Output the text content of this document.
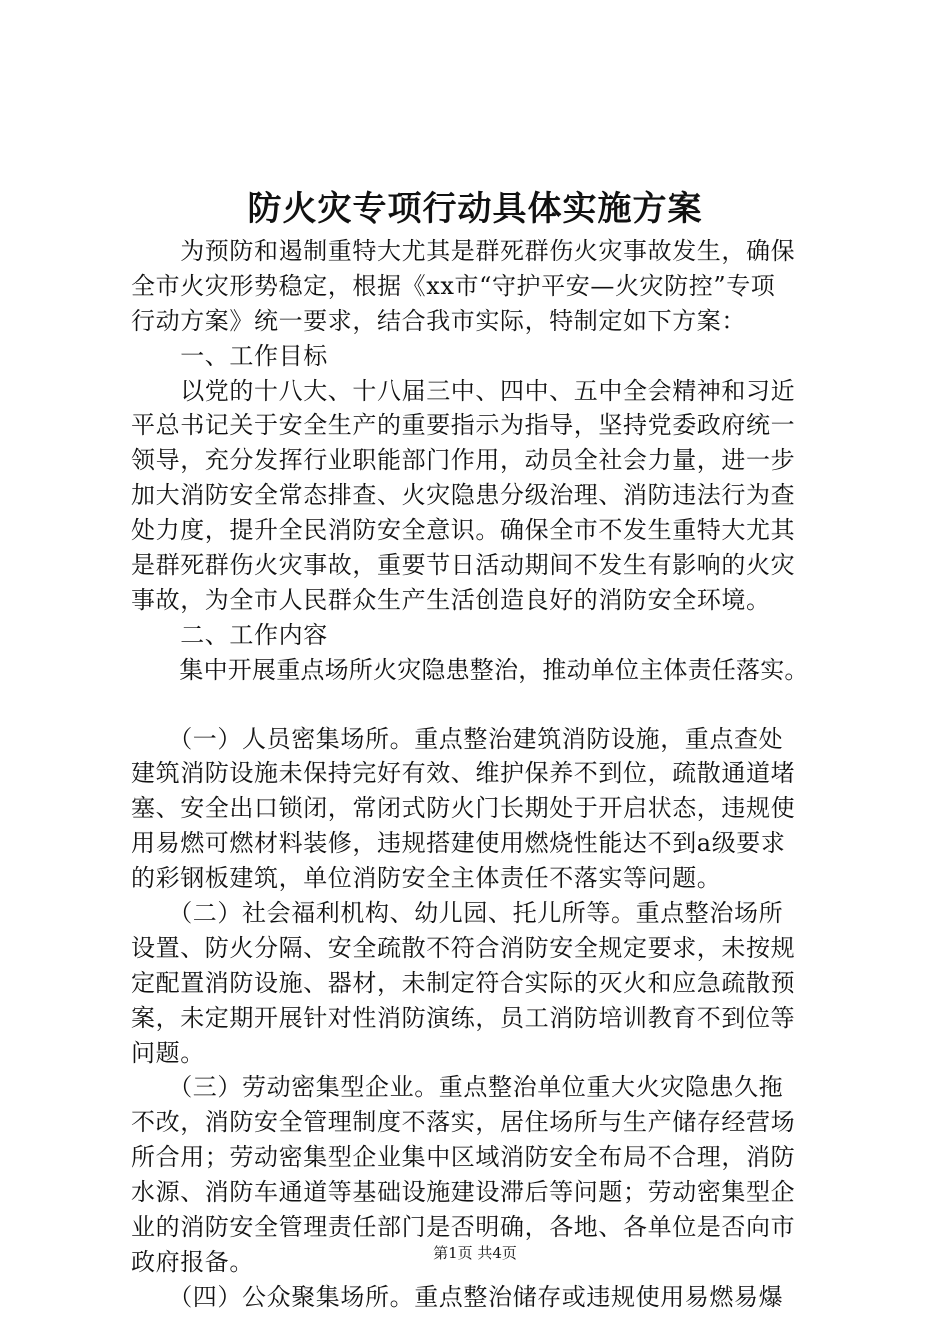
防火灾专项行动具体实施方案
　　为预防和遏制重特大尤其是群死群伤火灾事故发生，确保
全市火灾形势稳定，根据《xx市“守护平安—火灾防控”专项
行动方案》统一要求，结合我市实际，特制定如下方案：
　　一、工作目标
　　以党的十八大、十八届三中、四中、五中全会精神和习近
平总书记关于安全生产的重要指示为指导，坚持党委政府统一
领导，充分发挥行业职能部门作用，动员全社会力量，进一步
加大消防安全常态排查、火灾隐患分级治理、消防违法行为查
处力度，提升全民消防安全意识。确保全市不发生重特大尤其
是群死群伤火灾事故，重要节日活动期间不发生有影响的火灾
事故，为全市人民群众生产生活创造良好的消防安全环境。
　　二、工作内容
　　集中开展重点场所火灾隐患整治，推动单位主体责任落实。
　　（一）人员密集场所。重点整治建筑消防设施，重点查处
建筑消防设施未保持完好有效、维护保养不到位，疏散通道堵
塞、安全出口锁闭，常闭式防火门长期处于开启状态，违规使
用易燃可燃材料装修，违规搭建使用燃烧性能达不到a级要求
的彩钢板建筑，单位消防安全主体责任不落实等问题。
　　（二）社会福利机构、幼儿园、托儿所等。重点整治场所
设置、防火分隔、安全疏散不符合消防安全规定要求，未按规
定配置消防设施、器材，未制定符合实际的灭火和应急疏散预
案，未定期开展针对性消防演练，员工消防培训教育不到位等
问题。
　　（三）劳动密集型企业。重点整治单位重大火灾隐患久拖
不改，消防安全管理制度不落实，居住场所与生产储存经营场
所合用；劳动密集型企业集中区域消防安全布局不合理，消防
水源、消防车通道等基础设施建设滞后等问题；劳动密集型企
业的消防安全管理责任部门是否明确，各地、各单位是否向市
政府报备。
　　（四）公众聚集场所。重点整治储存或违规使用易燃易爆
第1页 共4页
